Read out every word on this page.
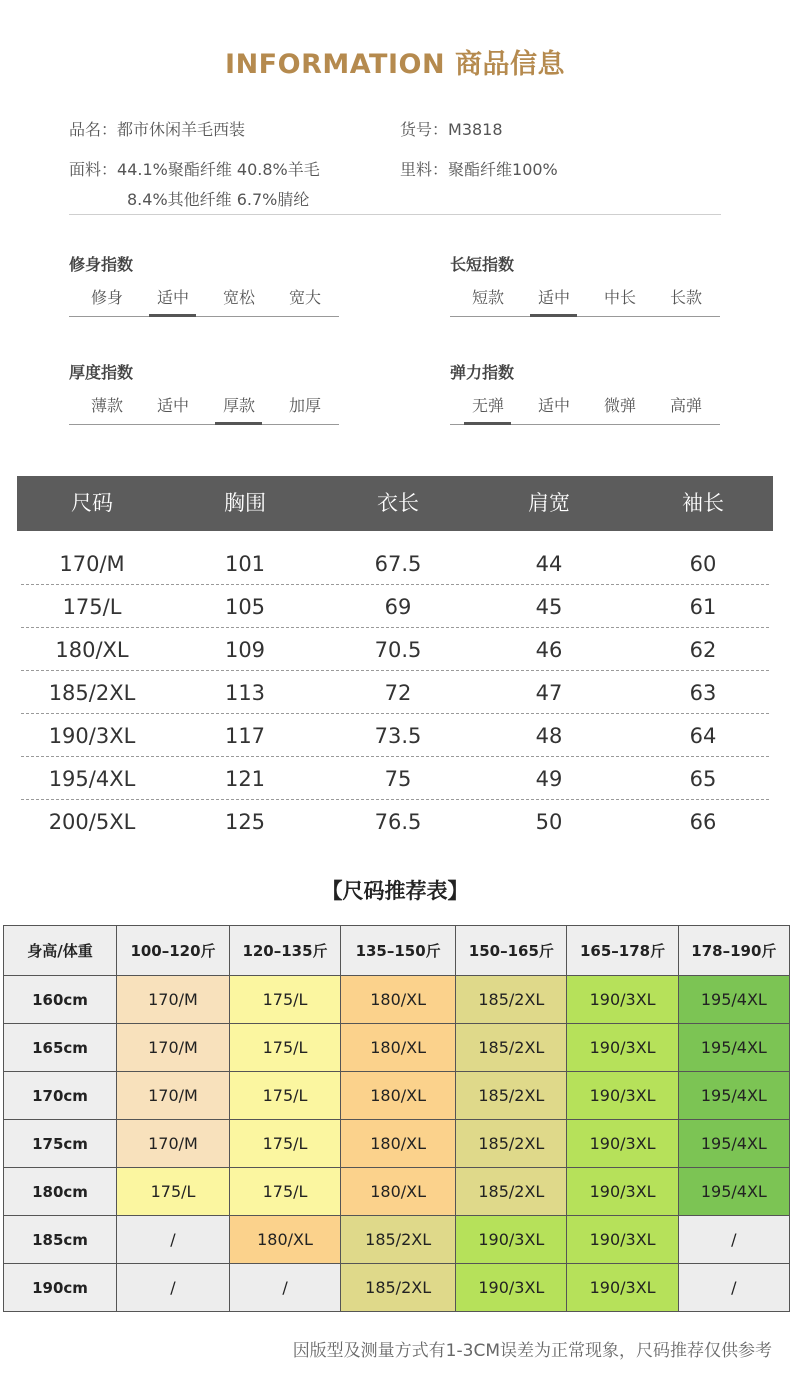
INFORMATION 商品信息
品名：都市休闲羊毛西装	货号：M3818
面料：44.1%聚酯纤维 40.8%羊毛
8.4%其他纤维 6.7%腈纶
里料：聚酯纤维100%
修身指数
修身	适中	宽松	宽大
长短指数
短款	适中	中长	长款
厚度指数
薄款	适中	厚款	加厚
弹力指数
无弹	适中	微弹	高弹
尺码	胸围	衣长	肩宽	袖长
170/M	101	67.5	44	60
175/L	105	69	45	61
180/XL	109	70.5	46	62
185/2XL	113	72	47	63
190/3XL	117	73.5	48	64
195/4XL	121	75	49	65
200/5XL	125	76.5	50	66
【尺码推荐表】
身高/体重	100–120斤	120–135斤	135–150斤	150–165斤	165–178斤	178–190斤
160cm	170/M	175/L	180/XL	185/2XL	190/3XL	195/4XL
165cm	170/M	175/L	180/XL	185/2XL	190/3XL	195/4XL
170cm	170/M	175/L	180/XL	185/2XL	190/3XL	195/4XL
175cm	170/M	175/L	180/XL	185/2XL	190/3XL	195/4XL
180cm	175/L	175/L	180/XL	185/2XL	190/3XL	195/4XL
185cm	/	180/XL	185/2XL	190/3XL	190/3XL	/
190cm	/	/	185/2XL	190/3XL	190/3XL	/
因版型及测量方式有1-3CM误差为正常现象，尺码推荐仅供参考
